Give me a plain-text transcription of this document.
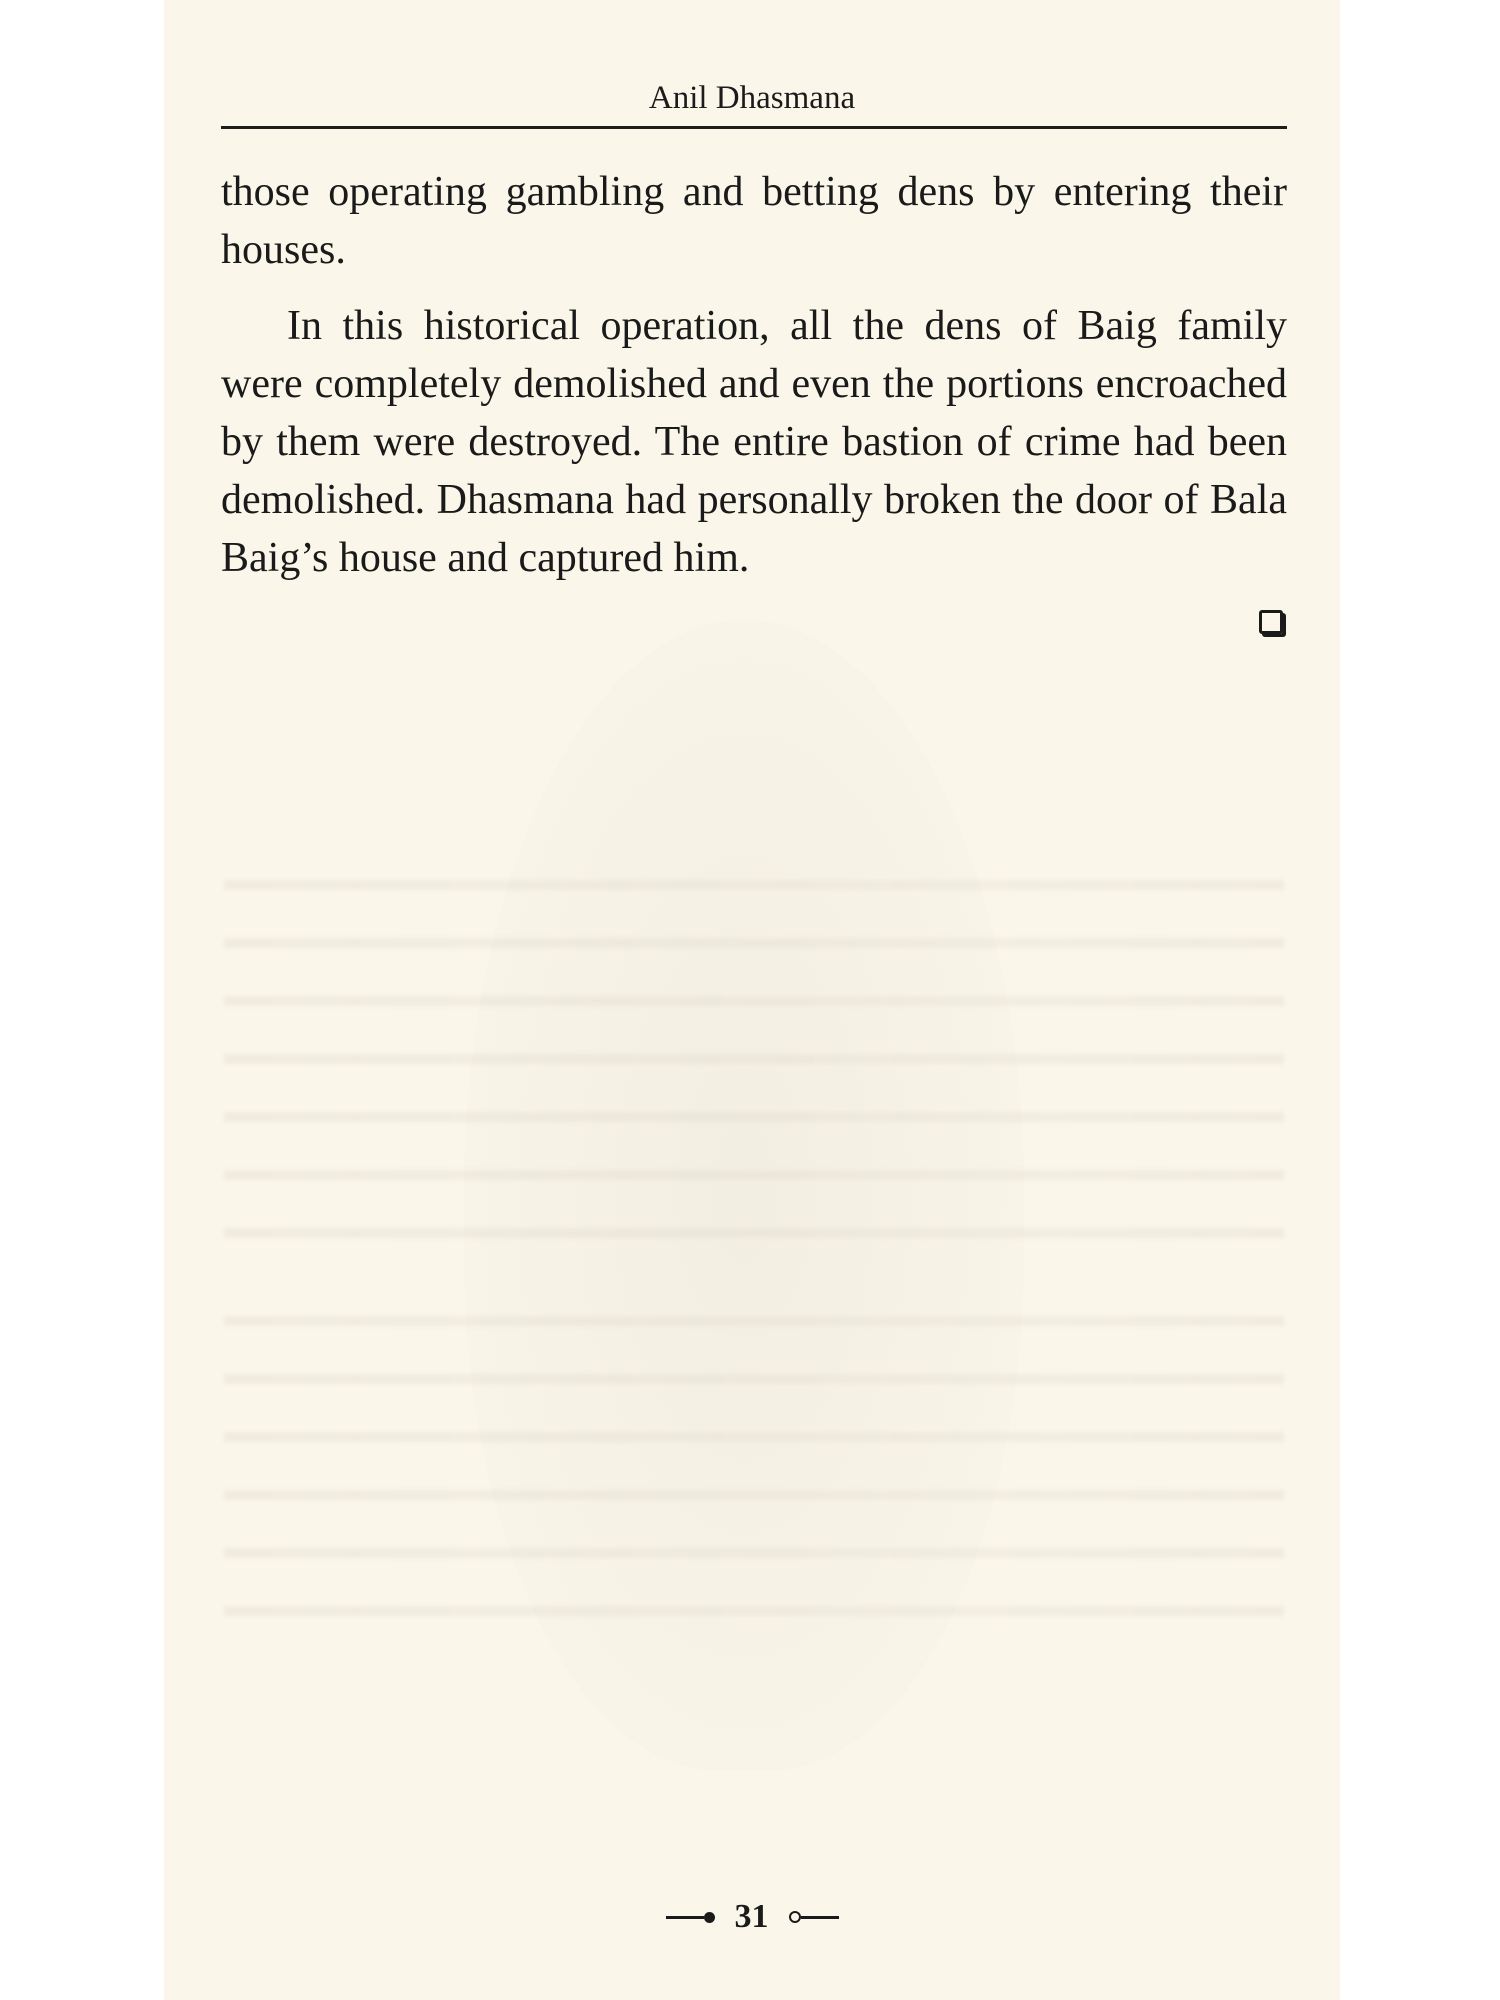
Anil Dhasmana

those operating gambling and betting dens by entering their houses.

In this historical operation, all the dens of Baig family were completely demolished and even the portions encroached by them were destroyed. The entire bastion of crime had been demolished. Dhasmana had personally broken the door of Bala Baig’s house and captured him.

31
